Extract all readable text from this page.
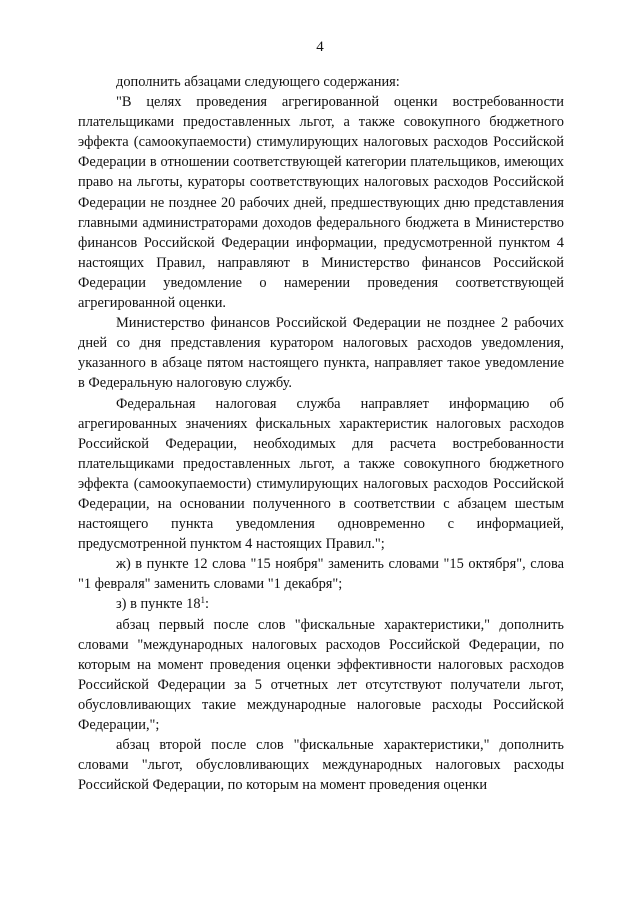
4

дополнить абзацами следующего содержания:

"В целях проведения агрегированной оценки востребованности плательщиками предоставленных льгот, а также совокупного бюджетного эффекта (самоокупаемости) стимулирующих налоговых расходов Российской Федерации в отношении соответствующей категории плательщиков, имеющих право на льготы, кураторы соответствующих налоговых расходов Российской Федерации не позднее 20 рабочих дней, предшествующих дню представления главными администраторами доходов федерального бюджета в Министерство финансов Российской Федерации информации, предусмотренной пунктом 4 настоящих Правил, направляют в Министерство финансов Российской Федерации уведомление о намерении проведения соответствующей агрегированной оценки.

Министерство финансов Российской Федерации не позднее 2 рабочих дней со дня представления куратором налоговых расходов уведомления, указанного в абзаце пятом настоящего пункта, направляет такое уведомление в Федеральную налоговую службу.

Федеральная налоговая служба направляет информацию об агрегированных значениях фискальных характеристик налоговых расходов Российской Федерации, необходимых для расчета востребованности плательщиками предоставленных льгот, а также совокупного бюджетного эффекта (самоокупаемости) стимулирующих налоговых расходов Российской Федерации, на основании полученного в соответствии с абзацем шестым настоящего пункта уведомления одновременно с информацией, предусмотренной пунктом 4 настоящих Правил.";

ж) в пункте 12 слова "15 ноября" заменить словами "15 октября", слова "1 февраля" заменить словами "1 декабря";

з) в пункте $18^1$:

абзац первый после слов "фискальные характеристики," дополнить словами "международных налоговых расходов Российской Федерации, по которым на момент проведения оценки эффективности налоговых расходов Российской Федерации за 5 отчетных лет отсутствуют получатели льгот, обусловливающих такие международные налоговые расходы Российской Федерации,";

абзац второй после слов "фискальные характеристики," дополнить словами "льгот, обусловливающих международных налоговых расходы Российской Федерации, по которым на момент проведения оценки
